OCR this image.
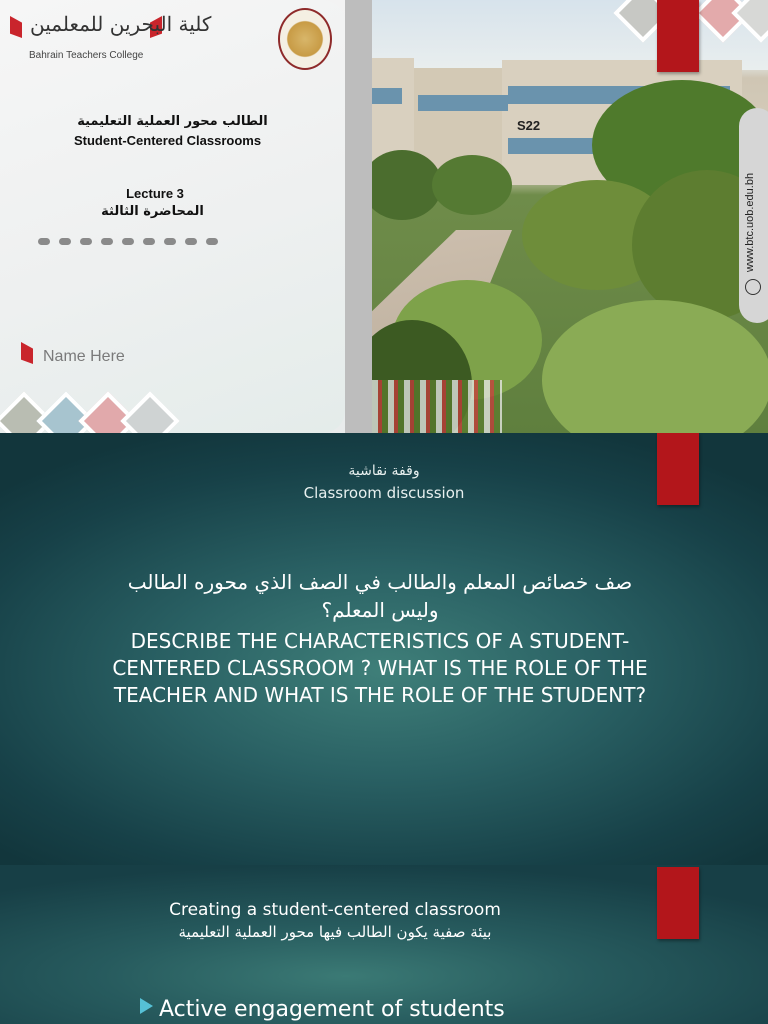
كلية البحرين للمعلمين
Bahrain Teachers College
الطالب محور العملية التعليمية
Student-Centered Classrooms
Lecture 3
المحاضرة الثالثة
Name Here
S22
www.btc.uob.edu.bh
وقفة نقاشية
Classroom discussion
صف خصائص المعلم والطالب في الصف الذي محوره الطالب وليس المعلم؟
DESCRIBE THE CHARACTERISTICS OF A STUDENT-CENTERED CLASSROOM ? WHAT IS THE ROLE OF THE TEACHER AND WHAT IS THE ROLE OF THE STUDENT?
Creating a student-centered classroom
بيئة صفية يكون الطالب فيها محور العملية التعليمية
Active engagement of students
